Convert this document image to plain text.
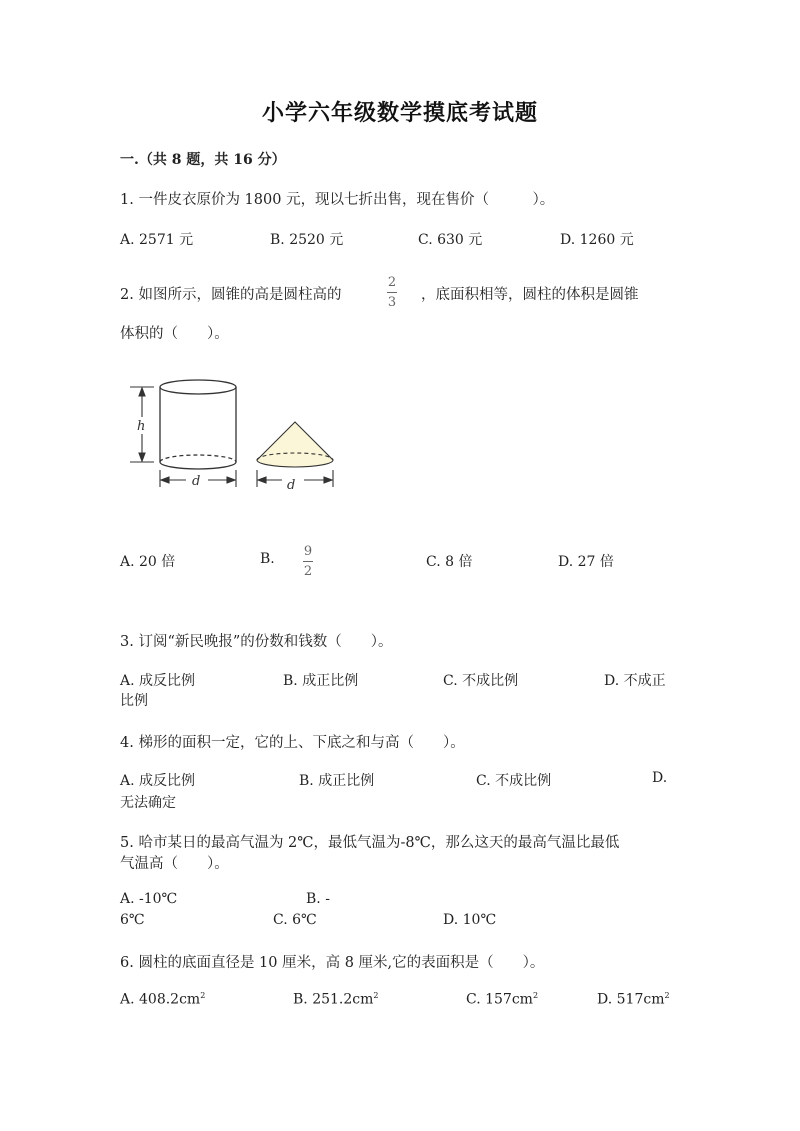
小学六年级数学摸底考试题
一.（共 8 题，共 16 分）
1. 一件皮衣原价为 1800 元，现以七折出售，现在售价（　　　）。
A. 2571 元	B. 2520 元	C. 630 元	D. 1260 元
2. 如图所示，圆锥的高是圆柱高的
2
3 ，底面积相等，圆柱的体积是圆锥
体积的（　　）。
h
d	d
A. 20 倍	B. 9
2
C. 8 倍	D. 27 倍
3. 订阅“新民晚报”的份数和钱数（　　）。
A. 成反比例	B. 成正比例	C. 不成比例	D. 不成正
比例
4. 梯形的面积一定，它的上、下底之和与高（　　）。
A. 成反比例	B. 成正比例	C. 不成比例	D.
无法确定
5. 哈市某日的最高气温为 2℃，最低气温为-8℃，那么这天的最高气温比最低
气温高（　　）。
A. -10℃	B. -
6℃	C. 6℃	D. 10℃
6. 圆柱的底面直径是 10 厘米，高 8 厘米,它的表面积是（　　）。
A. $408.2cm^2$	B. $251.2cm^2$	C. $157cm^2$	D. $517cm^2$
